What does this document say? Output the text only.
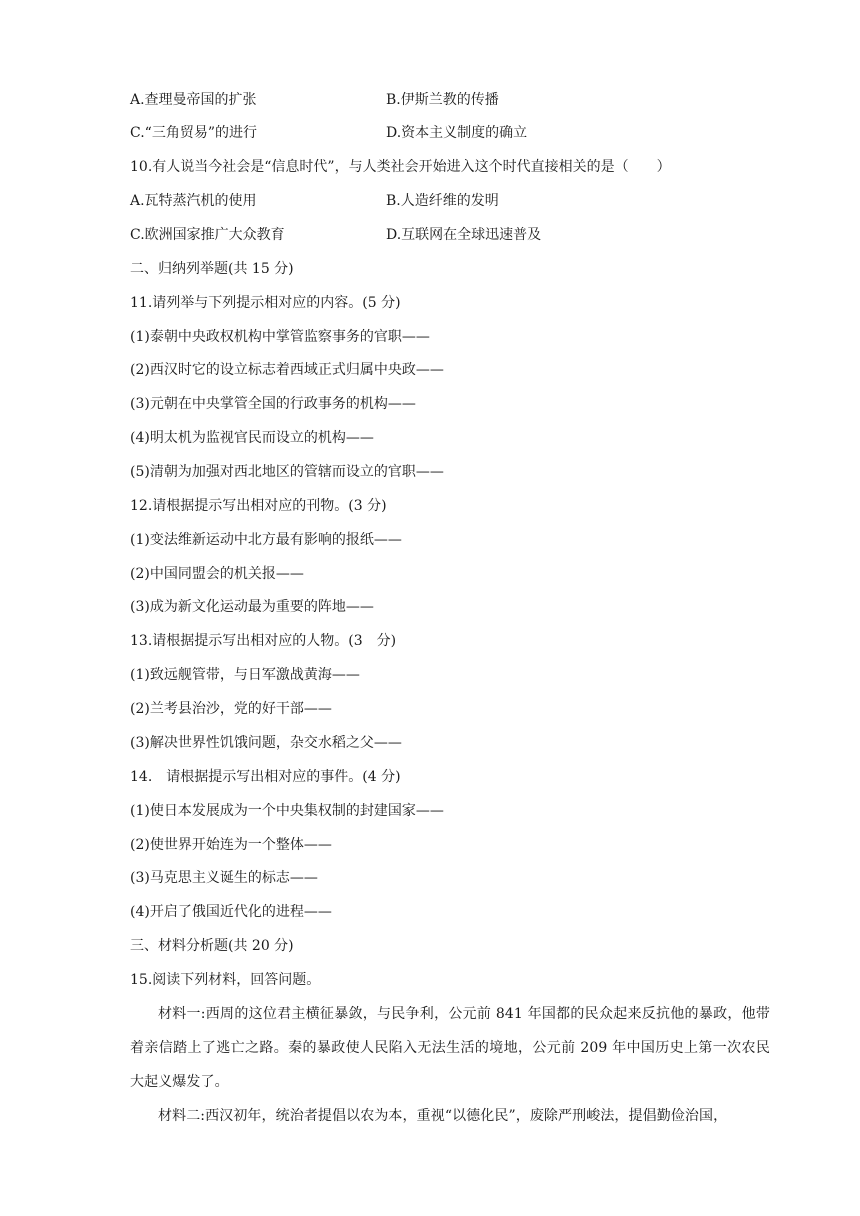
A.查理曼帝国的扩张	B.伊斯兰教的传播
C.“三角贸易”的进行	D.资本主义制度的确立
10.有人说当今社会是“信息时代”，与人类社会开始进入这个时代直接相关的是（　　）
A.瓦特蒸汽机的使用	B.人造纤维的发明
C.欧洲国家推广大众教育	D.互联网在全球迅速普及
二、归纳列举题(共 15 分)
11.请列举与下列提示相对应的内容。(5 分)
(1)泰朝中央政权机构中掌管监察事务的官职——
(2)西汉时它的设立标志着西域正式归属中央政——
(3)元朝在中央掌管全国的行政事务的机构——
(4)明太机为监视官民而设立的机构——
(5)清朝为加强对西北地区的管辖而设立的官职——
12.请根据提示写出相对应的刊物。(3 分)
(1)变法维新运动中北方最有影响的报纸——
(2)中国同盟会的机关报——
(3)成为新文化运动最为重要的阵地——
13.请根据提示写出相对应的人物。(3　分)
(1)致远舰管带，与日军激战黄海——
(2)兰考县治沙，党的好干部——
(3)解决世界性饥饿问题，杂交水稻之父——
14.　请根据提示写出相对应的事件。(4 分)
(1)使日本发展成为一个中央集权制的封建国家——
(2)使世界开始连为一个整体——
(3)马克思主义诞生的标志——
(4)开启了俄国近代化的进程——
三、材料分析题(共 20 分)
15.阅读下列材料，回答问题。
材料一:西周的这位君主横征暴敛，与民争利，公元前 841 年国都的民众起来反抗他的暴政，他带着亲信踏上了逃亡之路。秦的暴政使人民陷入无法生活的境地，公元前 209 年中国历史上第一次农民大起义爆发了。
材料二:西汉初年，统治者提倡以农为本，重视“以德化民”，废除严刑峻法，提倡勤俭治国，
